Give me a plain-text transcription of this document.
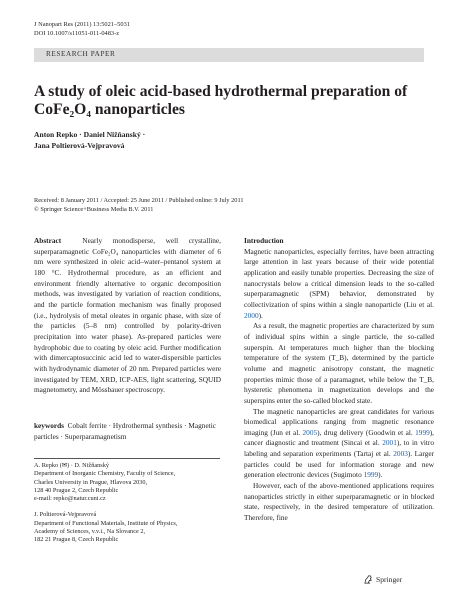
J Nanopart Res (2011) 13:5021–5031
DOI 10.1007/s11051-011-0483-z
RESEARCH PAPER
A study of oleic acid-based hydrothermal preparation of CoFe₂O₄ nanoparticles
Anton Repko · Daniel Nižňanský ·
Jana Poltierová-Vejpravová
Received: 8 January 2011 / Accepted: 25 June 2011 / Published online: 9 July 2011
© Springer Science+Business Media B.V. 2011
Abstract	Nearly monodisperse, well crystalline, superparamagnetic CoFe₂O₄ nanoparticles with diameter of 6 nm were synthesized in oleic acid–water–pentanol system at 180 °C. Hydrothermal procedure, as an efficient and environment friendly alternative to organic decomposition methods, was investigated by variation of reaction conditions, and the particle formation mechanism was finally proposed (i.e., hydrolysis of metal oleates in organic phase, with size of the particles (5–8 nm) controlled by polarity-driven precipitation into water phase). As-prepared particles were hydrophobic due to coating by oleic acid. Further modification with dimercaptosuccinic acid led to water-dispersible particles with hydrodynamic diameter of 20 nm. Prepared particles were investigated by TEM, XRD, ICP-AES, light scattering, SQUID magnetometry, and Mössbauer spectroscopy.
keywords Cobalt ferrite · Hydrothermal synthesis · Magnetic particles · Superparamagnetism

A. Repko (✉) · D. Nižňanský

Department of Inorganic Chemistry, Faculty of Science,

Charles University in Prague, Hlavova 2030,

128 40 Prague 2, Czech Republic

e-mail: repko@natur.cuni.cz

J. Poltierová-Vejpravová

Department of Functional Materials, Institute of Physics,

Academy of Sciences, v.v.i., Na Slovance 2,

182 21 Prague 8, Czech Republic

Introduction

Magnetic nanoparticles, especially ferrites, have been attracting large attention in last years because of their wide potential application and easily tunable properties. Decreasing the size of nanocrystals below a critical dimension leads to the so-called superparamagnetic (SPM) behavior, demonstrated by collectivization of spins within a single nanoparticle (Liu et al. 2000).

As a result, the magnetic properties are characterized by sum of individual spins within a single particle, the so-called superspin. At temperatures much higher than the blocking temperature of the system (T_B), determined by the particle volume and magnetic anisotropy constant, the magnetic properties mimic those of a paramagnet, while below the T_B, hysteretic phenomena in magnetization develops and the superspins enter the so-called blocked state.

The magnetic nanoparticles are great candidates for various biomedical applications ranging from magnetic resonance imaging (Jun et al. 2005), drug delivery (Goodwin et al. 1999), cancer diagnostic and treatment (Sincai et al. 2001), to in vitro labeling and separation experiments (Tartaj et al. 2003). Larger particles could be used for information storage and new generation electronic devices (Sugimoto 1999).

However, each of the above-mentioned applications requires nanoparticles strictly in either superparamagnetic or in blocked state, respectively, in the desired temperature of utilization. Therefore, fine

Springer
